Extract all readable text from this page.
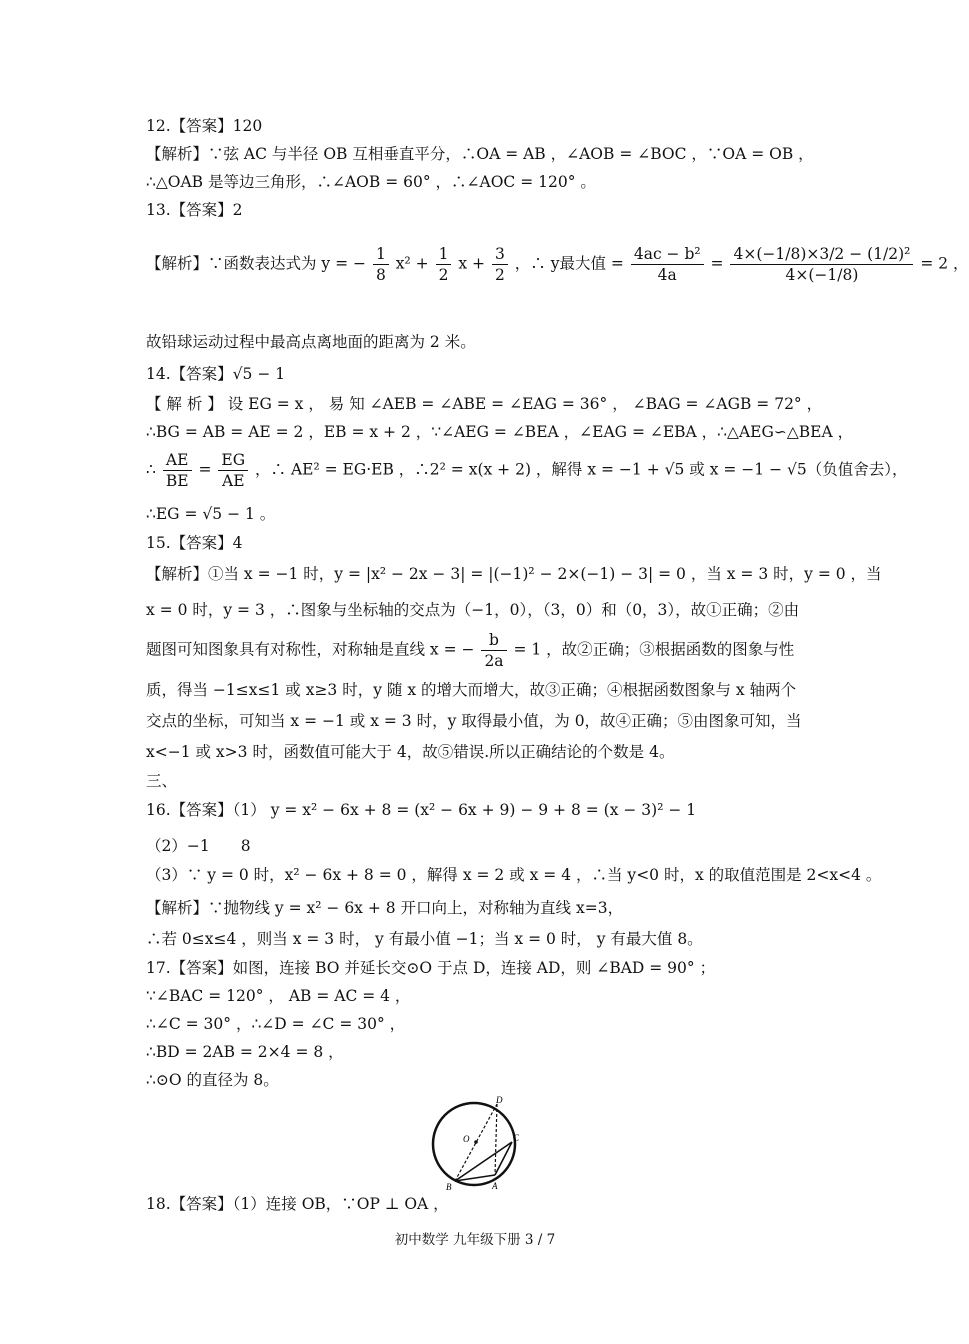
12.【答案】120
【解析】∵弦 AC 与半径 OB 互相垂直平分，∴OA = AB ，∠AOB = ∠BOC ，∵OA = OB ，
∴△OAB 是等边三角形，∴∠AOB = 60° ，∴∠AOC = 120° 。
13.【答案】2
【解析】∵函数表达式为 y = − $\frac{1}{8} x^2 + \frac{1}{2}$ $x + \frac{3}{2}$ ，∴ y最大值 = $\frac{\text{4ac − b²}}{4a} = \frac{\text{4×(−1/8)×3/2 − (1/2)²}}{4\times(-1/8)} = 2$ ，
故铅球运动过程中最高点离地面的距离为 2 米。
14.【答案】√5 − 1
【 解 析 】 设 EG = x ， 易 知 ∠AEB = ∠ABE = ∠EAG = 36° ， ∠BAG = ∠AGB = 72° ，
∴BG = AB = AE = 2 ，EB = x + 2 ，∵∠AEG = ∠BEA ，∠EAG = ∠EBA ，∴△AEG∽△BEA ，
∴ $\frac{AE}{BE} = \frac{EG}{AE}$ ，∴ AE² = EG·EB ，∴2² = x(x + 2) ，解得 x = −1 + √5 或 x = −1 − √5（负值舍去），
∴EG = √5 − 1 。
15.【答案】4
【解析】①当 x = −1 时，y = |x² − 2x − 3| = |(−1)² − 2×(−1) − 3| = 0 ，当 x = 3 时，y = 0 ，当
x = 0 时，y = 3 ，∴图象与坐标轴的交点为（−1，0），（3，0）和（0，3），故①正确；②由
题图可知图象具有对称性，对称轴是直线 x = − $\frac{b}{2a} = 1$ ，故②正确；③根据函数的图象与性
质，得当 −1≤x≤1 或 x≥3 时，y 随 x 的增大而增大，故③正确；④根据函数图象与 x 轴两个
交点的坐标，可知当 x = −1 或 x = 3 时，y 取得最小值，为 0，故④正确；⑤由图象可知，当
x<−1 或 x>3 时，函数值可能大于 4，故⑤错误.所以正确结论的个数是 4。
三、
16.【答案】（1） y = x² − 6x + 8 = (x² − 6x + 9) − 9 + 8 = (x − 3)² − 1
（2）−1　　8
（3）∵ y = 0 时，x² − 6x + 8 = 0 ，解得 x = 2 或 x = 4 ，∴当 y<0 时，x 的取值范围是 2<x<4 。
【解析】∵抛物线 y = x² − 6x + 8 开口向上，对称轴为直线 x=3，
∴若 0≤x≤4 ，则当 x = 3 时， y 有最小值 −1；当 x = 0 时， y 有最大值 8。
17.【答案】如图，连接 BO 并延长交⊙O 于点 D，连接 AD，则 ∠BAD = 90° ；
∵∠BAC = 120° ， AB = AC = 4 ，
∴∠C = 30° ，∴∠D = ∠C = 30° ，
∴BD = 2AB = 2×4 = 8 ，
∴⊙O 的直径为 8。
D
O	C
B	A
18.【答案】（1）连接 OB，∵OP ⊥ OA ，
初中数学 九年级下册 3 / 7
